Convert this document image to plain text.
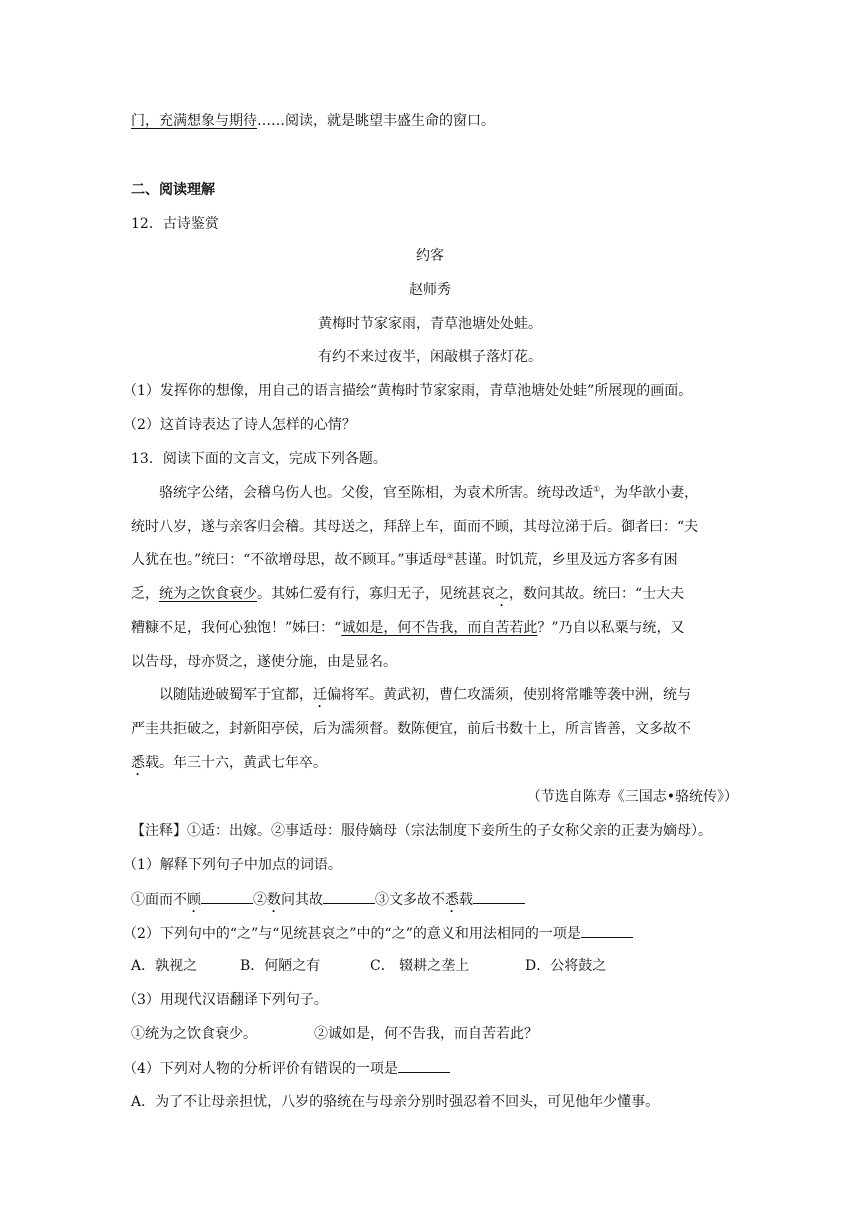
门，充满想象与期待……阅读，就是眺望丰盛生命的窗口。
二、阅读理解
12．古诗鉴赏
约客
赵师秀
黄梅时节家家雨，青草池塘处处蛙。
有约不来过夜半，闲敲棋子落灯花。
（1）发挥你的想像，用自己的语言描绘“黄梅时节家家雨，青草池塘处处蛙”所展现的画面。
（2）这首诗表达了诗人怎样的心情？
13．阅读下面的文言文，完成下列各题。
骆统字公绪，会稽乌伤人也。父俊，官至陈相，为袁术所害。统母改适①，为华歆小妻，
统时八岁，遂与亲客归会稽。其母送之，拜辞上车，面而不顾，其母泣涕于后。御者曰：“夫
人犹在也。”统曰：“不欲增母思，故不顾耳。”事适母②甚谨。时饥荒，乡里及远方客多有困
乏，统为之饮食衰少。其姊仁爱有行，寡归无子，见统甚哀之，数问其故。统曰：“士大夫
糟糠不足，我何心独饱！”姊曰：“诚如是，何不告我，而自苦若此？”乃自以私粟与统，又
以告母，母亦贤之，遂使分施，由是显名。
以随陆逊破蜀军于宜都，迁偏将军。黄武初，曹仁攻濡须，使别将常雕等袭中洲，统与
严圭共拒破之，封新阳亭侯，后为濡须督。数陈便宜，前后书数十上，所言皆善，文多故不
悉载。年三十六，黄武七年卒。
（节选自陈寿《三国志•骆统传》）
【注释】①适：出嫁。②事适母：服侍嫡母（宗法制度下妾所生的子女称父亲的正妻为嫡母）。
（1）解释下列句子中加点的词语。
①面而不顾	②数问其故	③文多故不悉载
（2）下列句中的“之”与“见统甚哀之”中的“之”的意义和用法相同的一项是
A．孰视之	B．何陋之有	C． 辍耕之垄上	D．公将鼓之
（3）用现代汉语翻译下列句子。
①统为之饮食衰少。	②诚如是，何不告我，而自苦若此？
（4）下列对人物的分析评价有错误的一项是
A．为了不让母亲担忧，八岁的骆统在与母亲分别时强忍着不回头，可见他年少懂事。
